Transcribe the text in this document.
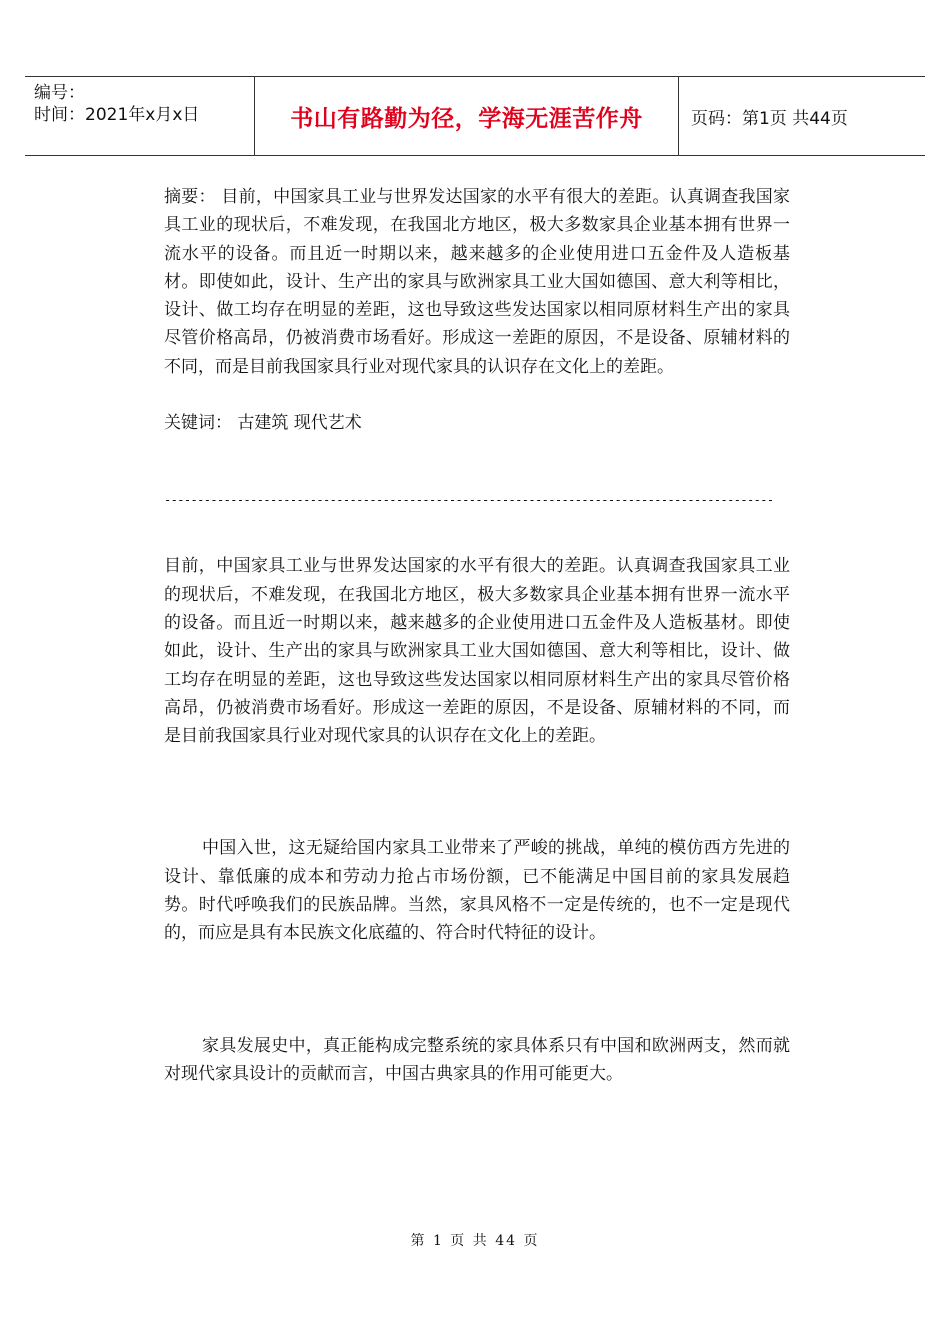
编号：
时间：2021年x月x日	书山有路勤为径，学海无涯苦作舟	页码：第1页 共44页

摘要： 目前，中国家具工业与世界发达国家的水平有很大的差距。认真调查我国家具工业的现状后，不难发现，在我国北方地区，极大多数家具企业基本拥有世界一流水平的设备。而且近一时期以来，越来越多的企业使用进口五金件及人造板基材。即使如此，设计、生产出的家具与欧洲家具工业大国如德国、意大利等相比，设计、做工均存在明显的差距，这也导致这些发达国家以相同原材料生产出的家具尽管价格高昂，仍被消费市场看好。形成这一差距的原因，不是设备、原辅材料的不同，而是目前我国家具行业对现代家具的认识存在文化上的差距。

关键词： 古建筑 现代艺术

--------------------------------------------------------------------------------------------

目前，中国家具工业与世界发达国家的水平有很大的差距。认真调查我国家具工业的现状后，不难发现，在我国北方地区，极大多数家具企业基本拥有世界一流水平的设备。而且近一时期以来，越来越多的企业使用进口五金件及人造板基材。即使如此，设计、生产出的家具与欧洲家具工业大国如德国、意大利等相比，设计、做工均存在明显的差距，这也导致这些发达国家以相同原材料生产出的家具尽管价格高昂，仍被消费市场看好。形成这一差距的原因，不是设备、原辅材料的不同，而是目前我国家具行业对现代家具的认识存在文化上的差距。

中国入世，这无疑给国内家具工业带来了严峻的挑战，单纯的模仿西方先进的设计、靠低廉的成本和劳动力抢占市场份额，已不能满足中国目前的家具发展趋势。时代呼唤我们的民族品牌。当然，家具风格不一定是传统的，也不一定是现代的，而应是具有本民族文化底蕴的、符合时代特征的设计。

家具发展史中，真正能构成完整系统的家具体系只有中国和欧洲两支，然而就对现代家具设计的贡献而言，中国古典家具的作用可能更大。

第 1 页 共 44 页
